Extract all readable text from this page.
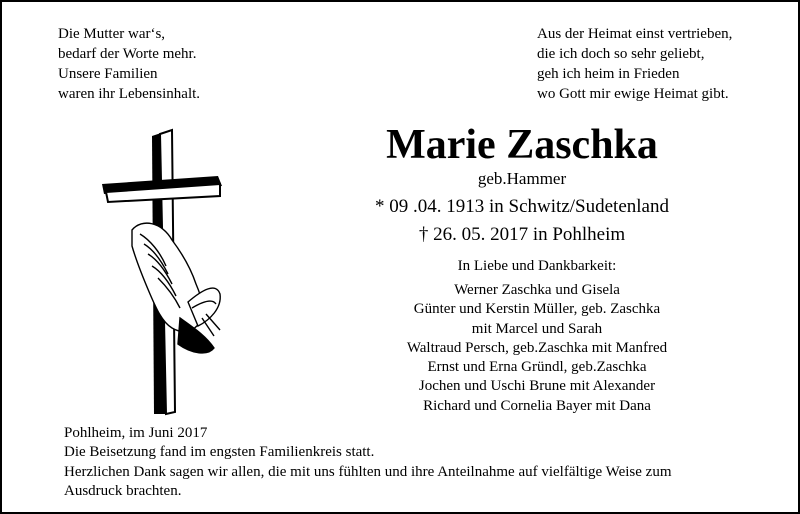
Die Mutter war‘s,
bedarf der Worte mehr.
Unsere Familien
waren ihr Lebensinhalt.
Aus der Heimat einst vertrieben,
die ich doch so sehr geliebt,
geh ich heim in Frieden
wo Gott mir ewige Heimat gibt.
Marie Zaschka
geb.Hammer
* 09 .04. 1913 in Schwitz/Sudetenland
† 26. 05. 2017 in Pohlheim
In Liebe und Dankbarkeit:
Werner Zaschka und Gisela
Günter und Kerstin Müller, geb. Zaschka
mit Marcel und Sarah
Waltraud Persch, geb.Zaschka mit Manfred
Ernst und Erna Gründl, geb.Zaschka
Jochen und Uschi Brune mit Alexander
Richard und Cornelia Bayer mit Dana
Pohlheim, im Juni 2017
Die Beisetzung fand im engsten Familienkreis statt.
Herzlichen Dank sagen wir allen, die mit uns fühlten und ihre Anteilnahme auf vielfältige Weise zum
Ausdruck brachten.
